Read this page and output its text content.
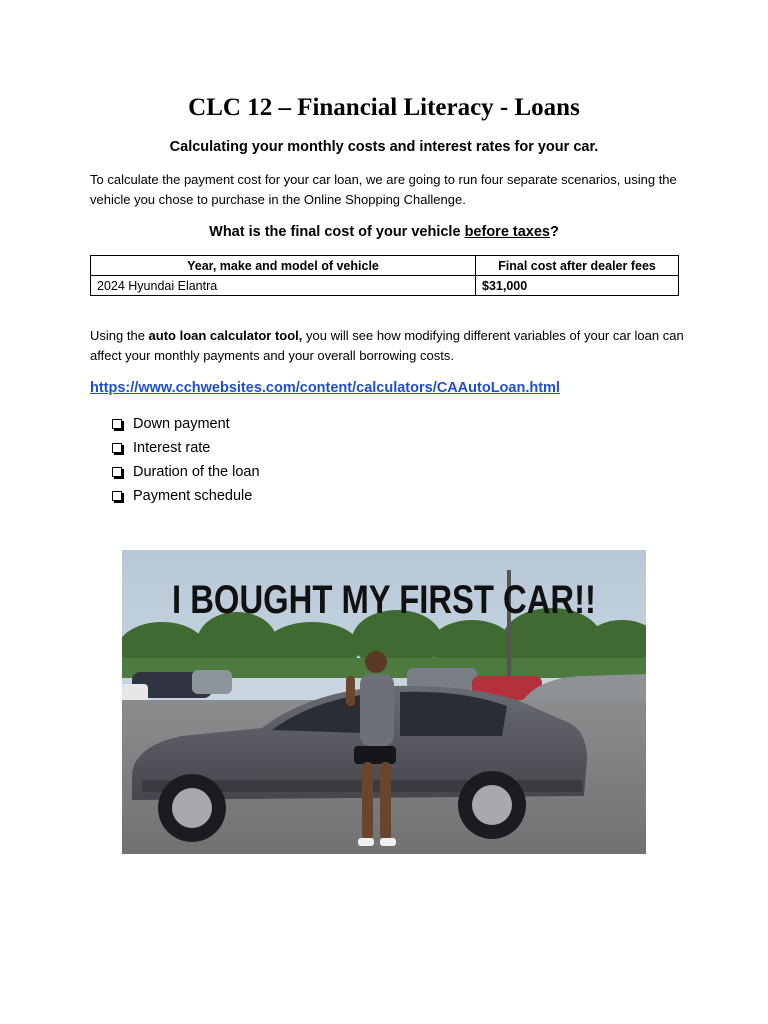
CLC 12 – Financial Literacy - Loans
Calculating your monthly costs and interest rates for your car.
To calculate the payment cost for your car loan, we are going to run four separate scenarios, using the vehicle you chose to purchase in the Online Shopping Challenge.
What is the final cost of your vehicle before taxes?
Year, make and model of vehicle	Final cost after dealer fees
2024 Hyundai Elantra	$31,000
Using the auto loan calculator tool, you will see how modifying different variables of your car loan can affect your monthly payments and your overall borrowing costs.
https://www.cchwebsites.com/content/calculators/CAAutoLoan.html
Down payment
Interest rate
Duration of the loan
Payment schedule
I BOUGHT MY FIRST CAR!!
